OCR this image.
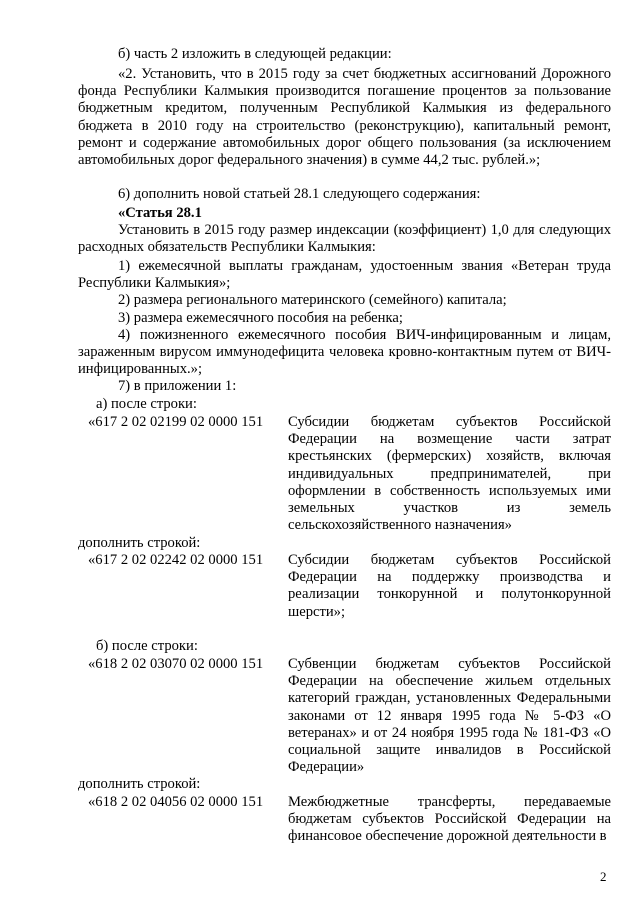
б) часть 2 изложить в следующей редакции:

«2. Установить, что в 2015 году за счет бюджетных ассигнований Дорожного фонда Республики Калмыкия производится погашение процентов за пользование бюджетным кредитом, полученным Республикой Калмыкия из федерального бюджета в 2010 году на строительство (реконструкцию), капитальный ремонт, ремонт и содержание автомобильных дорог общего пользования (за исключением автомобильных дорог федерального значения) в сумме 44,2 тыс. рублей.»;

6) дополнить новой статьей 28.1 следующего содержания:

«Статья 28.1

Установить в 2015 году размер индексации (коэффициент) 1,0 для следующих расходных обязательств Республики Калмыкия:

1) ежемесячной выплаты гражданам, удостоенным звания «Ветеран труда Республики Калмыкия»;

2) размера регионального материнского (семейного) капитала;

3) размера ежемесячного пособия на ребенка;

4) пожизненного ежемесячного пособия ВИЧ-инфицированным и лицам, зараженным вирусом иммунодефицита человека кровно-контактным путем от ВИЧ-инфицированных.»;

7) в приложении 1:

а) после строки:

«617 2 02 02199 02 0000 151	Субсидии бюджетам субъектов Российской Федерации на возмещение части затрат крестьянских (фермерских) хозяйств, включая индивидуальных предпринимателей, при оформлении в собственность используемых ими земельных участков из земель сельскохозяйственного назначения»

дополнить строкой:

«617 2 02 02242 02 0000 151	Субсидии бюджетам субъектов Российской Федерации на поддержку производства и реализации тонкорунной и полутонкорунной шерсти»;

б) после строки:

«618 2 02 03070 02 0000 151	Субвенции бюджетам субъектов Российской Федерации на обеспечение жильем отдельных категорий граждан, установленных Федеральными законами от 12 января 1995 года № 5-ФЗ «О ветеранах» и от 24 ноября 1995 года № 181-ФЗ «О социальной защите инвалидов в Российской Федерации»

дополнить строкой:

«618 2 02 04056 02 0000 151	Межбюджетные трансферты, передаваемые бюджетам субъектов Российской Федерации на финансовое обеспечение дорожной деятельности в
2
